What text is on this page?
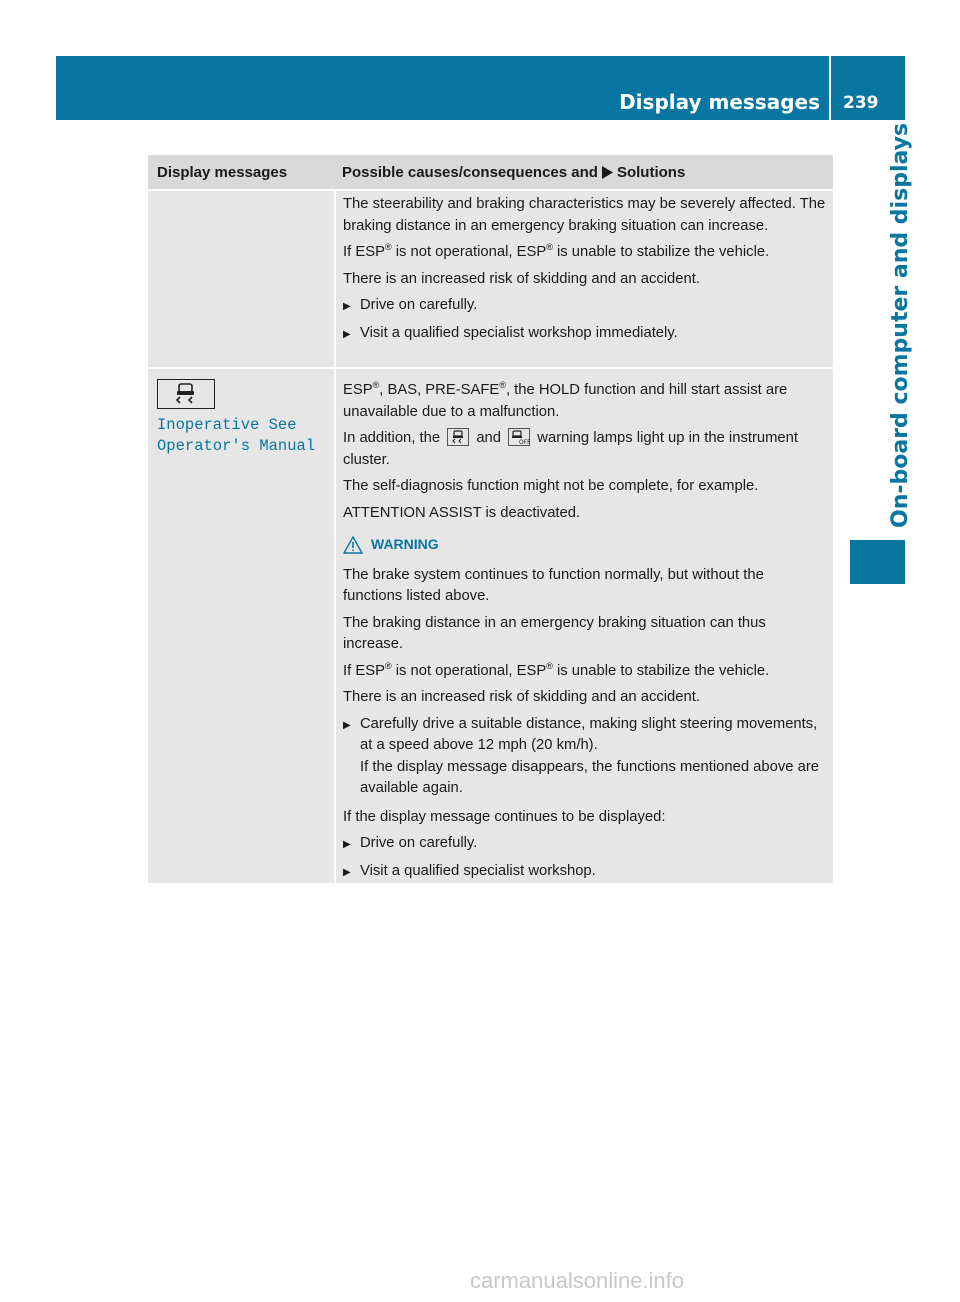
Display messages 239
On-board computer and displays
Display messages	Possible causes/consequences and Solutions

The steerability and braking characteristics may be severely affected. The braking distance in an emergency braking situation can increase.

If ESP® is not operational, ESP® is unable to stabilize the vehicle.

There is an increased risk of skidding and an accident.

▶ Drive on carefully.
▶ Visit a qualified specialist workshop immediately.
Inoperative See
Operator's Manual

ESP®, BAS, PRE-SAFE®, the HOLD function and hill start assist are unavailable due to a malfunction.

In addition, the and	OFF warning lamps light up in the instrument cluster.

The self-diagnosis function might not be complete, for example.

ATTENTION ASSIST is deactivated.

WARNING

The brake system continues to function normally, but without the functions listed above.

The braking distance in an emergency braking situation can thus increase.

If ESP® is not operational, ESP® is unable to stabilize the vehicle.

There is an increased risk of skidding and an accident.

▶ Carefully drive a suitable distance, making slight steering movements, at a speed above 12 mph (20 km/h).
If the display message disappears, the functions mentioned above are available again.

If the display message continues to be displayed:

▶ Drive on carefully.
▶ Visit a qualified specialist workshop.
carmanualsonline.info
